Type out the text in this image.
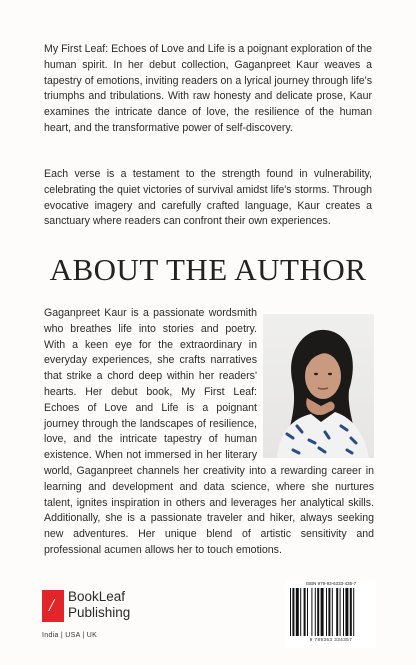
My First Leaf: Echoes of Love and Life is a poignant exploration of the human spirit. In her debut collection, Gaganpreet Kaur weaves a tapestry of emotions, inviting readers on a lyrical journey through life's triumphs and tribulations. With raw honesty and delicate prose, Kaur examines the intricate dance of love, the resilience of the human heart, and the transformative power of self-discovery.

Each verse is a testament to the strength found in vulnerability, celebrating the quiet victories of survival amidst life's storms. Through evocative imagery and carefully crafted language, Kaur creates a sanctuary where readers can confront their own experiences.

ABOUT THE AUTHOR
Gaganpreet Kaur is a passionate wordsmith who breathes life into stories and poetry. With a keen eye for the extraordinary in everyday experiences, she crafts narratives that strike a chord deep within her readers' hearts. Her debut book, My First Leaf: Echoes of Love and Life is a poignant journey through the landscapes of resilience, love, and the intricate tapestry of human existence. When not immersed in her literary world, Gaganpreet channels her creativity into a rewarding career in learning and development and data science, where she nurtures talent, ignites inspiration in others and leverages her analytical skills. Additionally, she is a passionate traveler and hiker, always seeking new adventures. Her unique blend of artistic sensitivity and professional acumen allows her to touch emotions.
/ BookLeaf
Publishing
India | USA | UK
ISBN 978-93-6333-435-7
9 789363 334357
